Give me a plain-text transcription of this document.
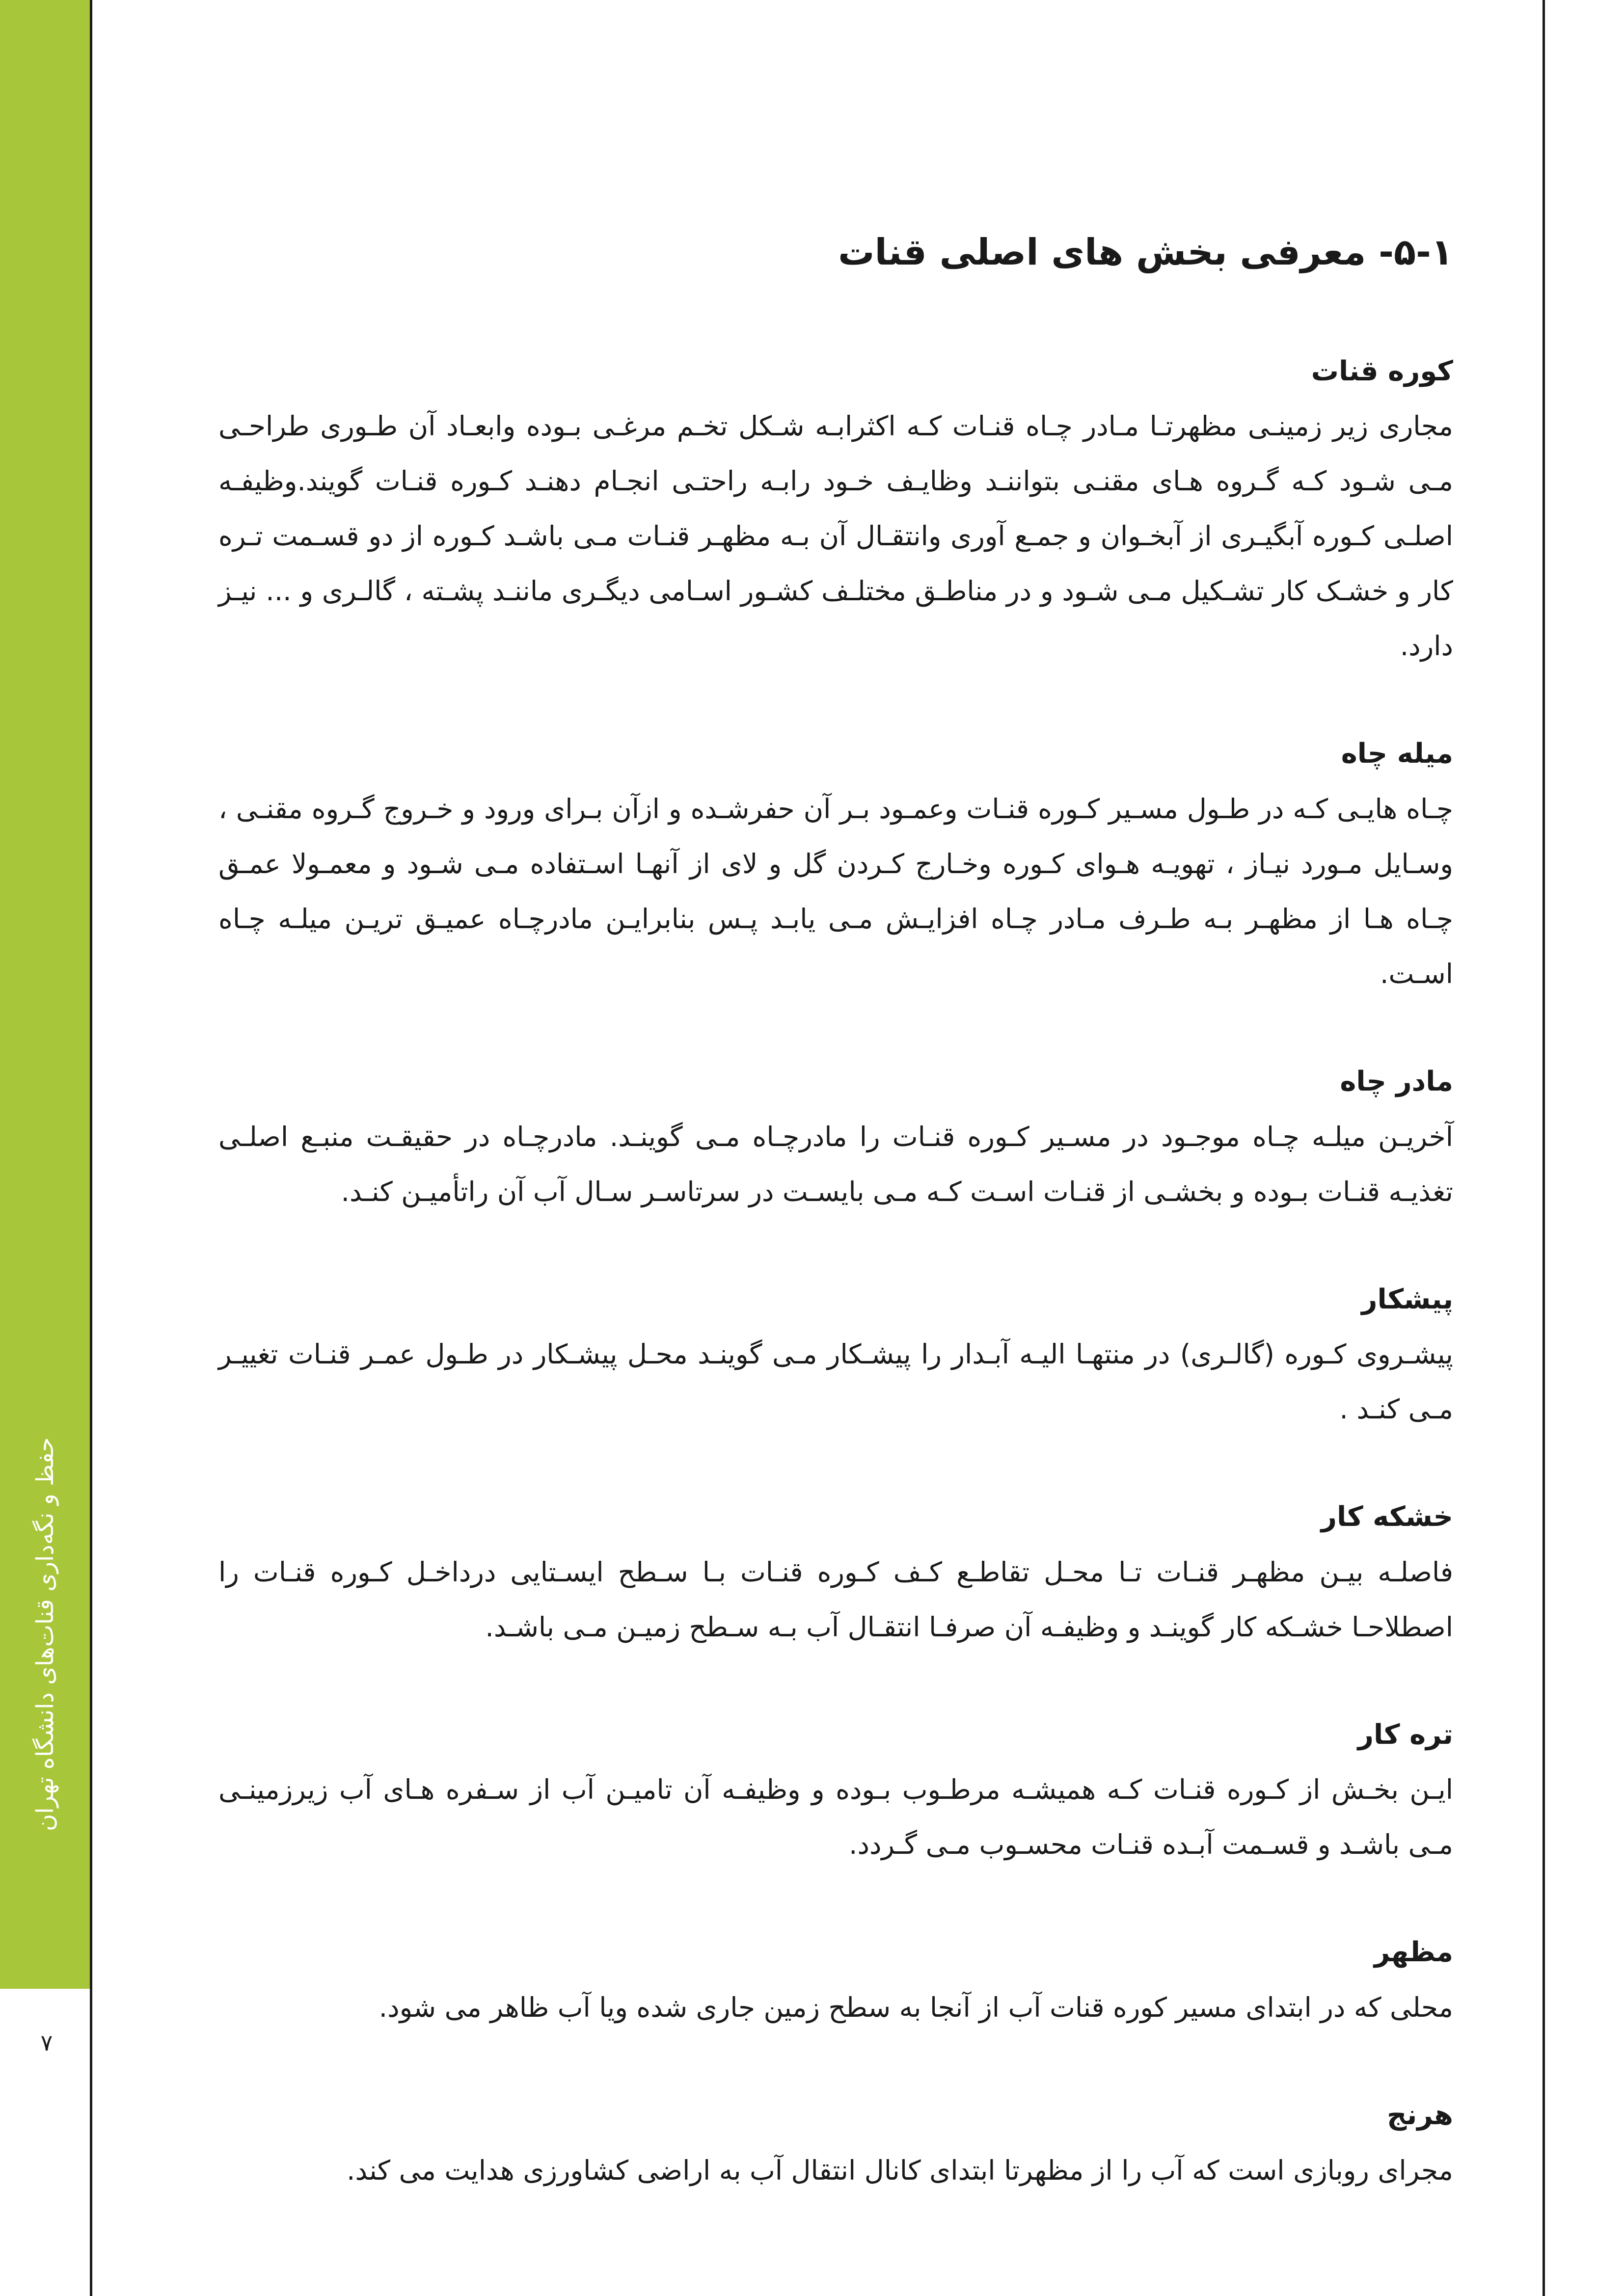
حفظ و نگه‌داری قنات‌های دانشگاه تهران
۷
۵-۱- معرفی بخش های اصلی قنات
کوره قنات

مجاری زیر زمینـی مظهرتـا مـادر چـاه قنـات کـه اکثرابـه شـکل تخـم مرغـی بـوده وابعـاد آن طـوری طراحـی مـی شـود کـه گـروه هـای مقنـی بتواننـد وظایـف خـود رابـه راحتـی انجـام دهنـد کـوره قنـات گویند.وظیفـه اصلـی کـوره آبگیـری از آبخـوان و جمـع آوری وانتقـال آن بـه مظهـر قنـات مـی باشـد کـوره از دو قسـمت تـره کار و خشـک کار تشـکیل مـی شـود و در مناطـق مختلـف کشـور اسـامی دیگـری ماننـد پشـته ، گالـری و ... نیـز دارد.

میله چاه

چـاه هایـی کـه در طـول مسـیر کـوره قنـات وعمـود بـر آن حفرشـده و ازآن بـرای ورود و خـروج گـروه مقنـی ، وسـایل مـورد نیـاز ، تهویـه هـوای کـوره وخـارج کـردن گل و لای از آنهـا اسـتفاده مـی شـود و معمـولا عمـق چـاه هـا از مظهـر بـه طـرف مـادر چـاه افزایـش مـی یابـد پـس بنابرایـن مادرچـاه عمیـق تریـن میلـه چـاه اسـت.

مادر چاه

آخریـن میلـه چـاه موجـود در مسـیر کـوره قنـات را مادرچـاه مـی گوینـد. مادرچـاه در حقیقـت منبـع اصلـی تغذیـه قنـات بـوده و بخشـی از قنـات اسـت کـه مـی بایسـت در سرتاسـر سـال آب آن راتأمیـن کنـد.

پیشکار

پیشـروی کـوره (گالـری) در منتهـا الیـه آبـدار را پیشـکار مـی گوینـد محـل پیشـکار در طـول عمـر قنـات تغییـر مـی کنـد .

خشکه کار

فاصلـه بیـن مظهـر قنـات تـا محـل تقاطـع کـف کـوره قنـات بـا سـطح ایسـتایی درداخـل کـوره قنـات را اصطلاحـا خشـکه کار گوینـد و وظیفـه آن صرفـا انتقـال آب بـه سـطح زمیـن مـی باشـد.

تره کار

ایـن بخـش از کـوره قنـات کـه همیشـه مرطـوب بـوده و وظیفـه آن تامیـن آب از سـفره هـای آب زیرزمینـی مـی باشـد و قسـمت آبـده قنـات محسـوب مـی گـردد.

مظهر

محلی که در ابتدای مسیر کوره قنات آب از آنجا به سطح زمین جاری شده ویا آب ظاهر می شود.

هرنج

مجرای روبازی است که آب را از مظهرتا ابتدای کانال انتقال آب به اراضی کشاورزی هدایت می کند.
